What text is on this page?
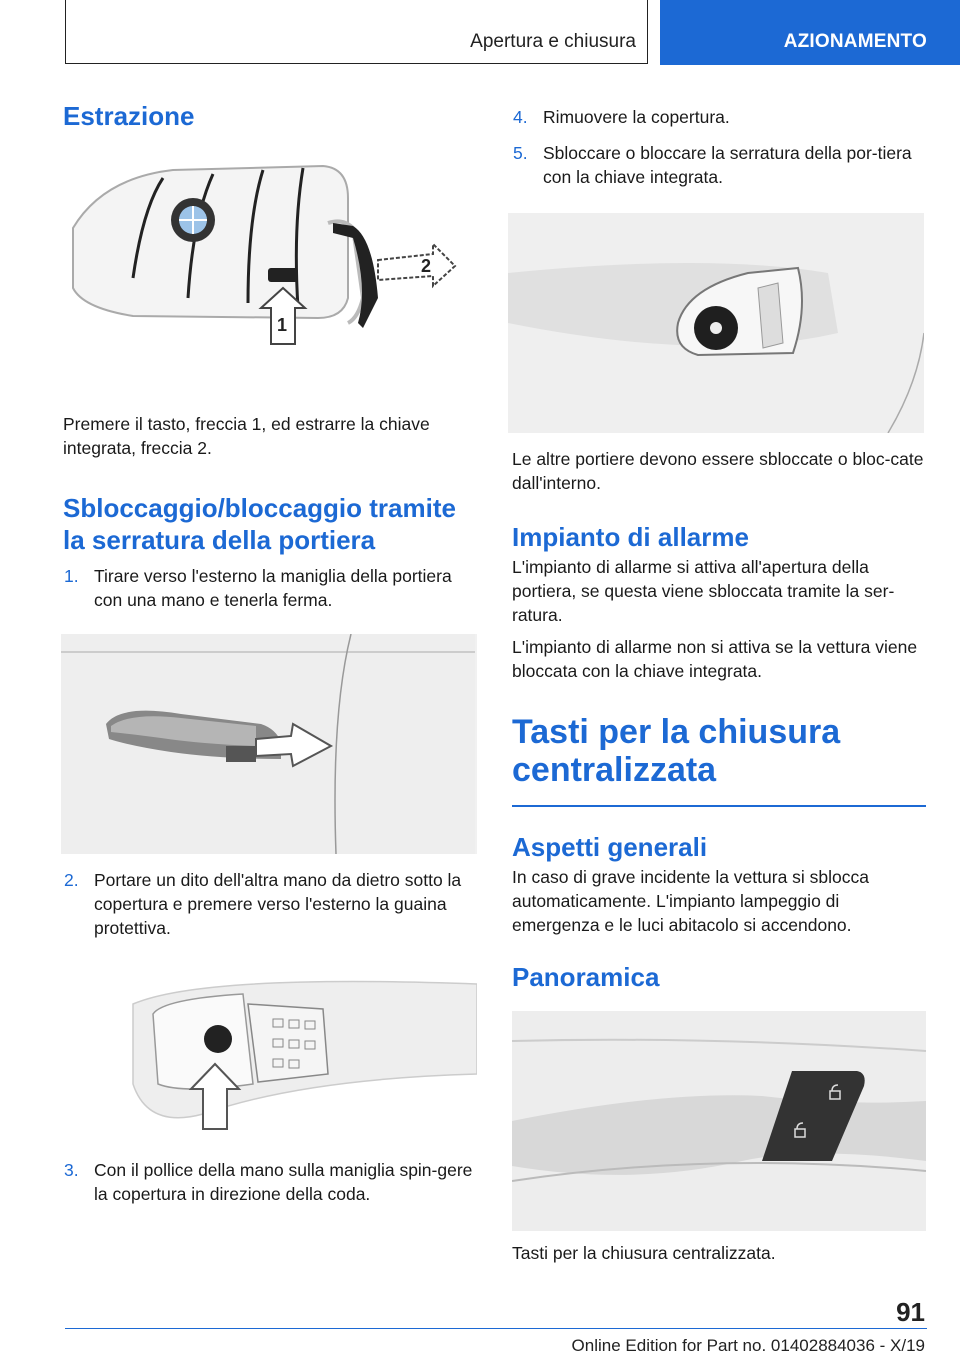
Apertura e chiusura	AZIONAMENTO
Estrazione
2
1

Premere il tasto, freccia 1, ed estrarre la chiave integrata, freccia 2.

Sbloccaggio/bloccaggio tramite la serratura della portiera
1. Tirare verso l'esterno la maniglia della portiera con una mano e tenerla ferma.
2. Portare un dito dell'altra mano da dietro sotto la copertura e premere verso l'esterno la guaina protettiva.
3. Con il pollice della mano sulla maniglia spin-gere la copertura in direzione della coda.
4. Rimuovere la copertura.
5. Sbloccare o bloccare la serratura della por-tiera con la chiave integrata.

Le altre portiere devono essere sbloccate o bloc-cate dall'interno.

Impianto di allarme

L'impianto di allarme si attiva all'apertura della portiera, se questa viene sbloccata tramite la ser-ratura.

L'impianto di allarme non si attiva se la vettura viene bloccata con la chiave integrata.

Tasti per la chiusura centralizzata
Aspetti generali

In caso di grave incidente la vettura si sblocca automaticamente. L'impianto lampeggio di emergenza e le luci abitacolo si accendono.

Panoramica

Tasti per la chiusura centralizzata.

91
Online Edition for Part no. 01402884036 - X/19
